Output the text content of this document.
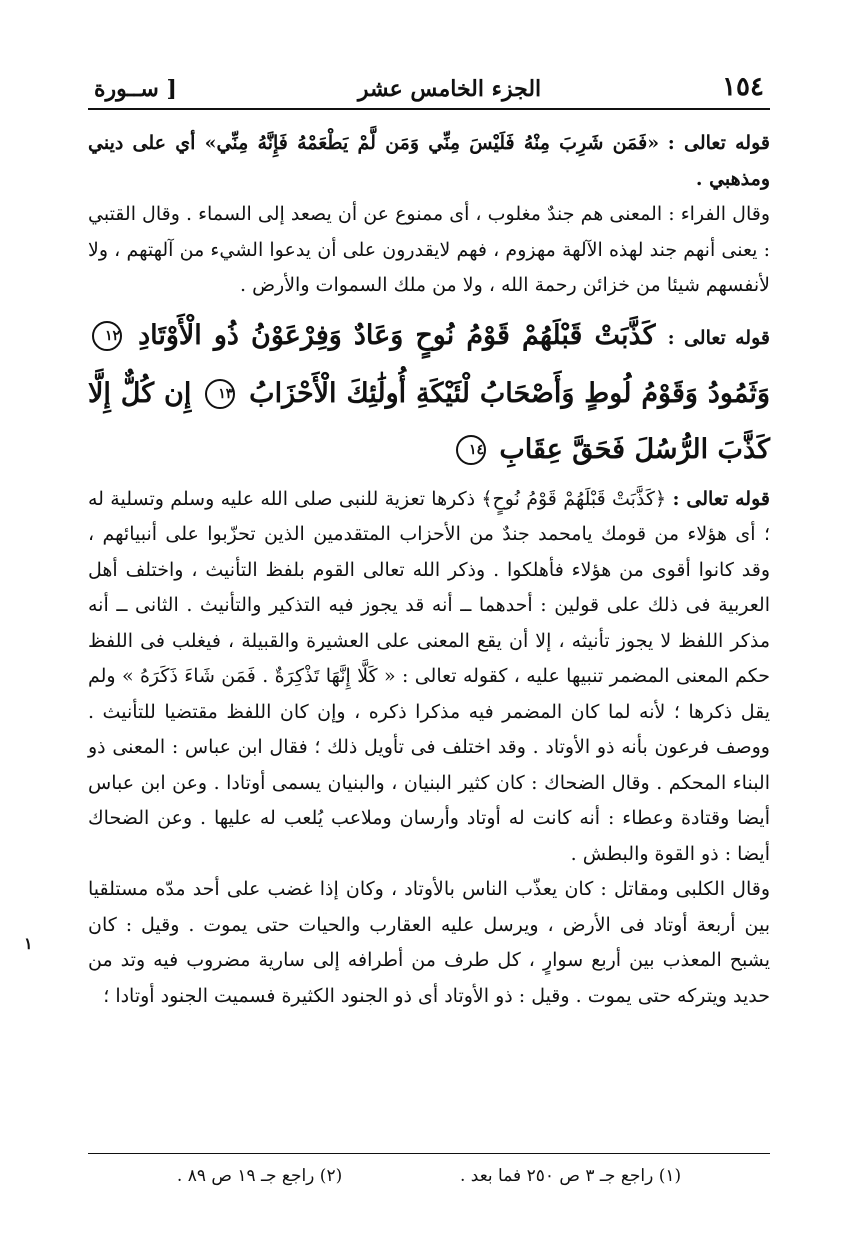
١٥٤
الجزء الخامس عشر
[ ســورة

قوله تعالى : «فَمَن شَرِبَ مِنْهُ فَلَيْسَ مِنِّي وَمَن لَّمْ يَطْعَمْهُ فَإِنَّهُ مِنِّي» أي على ديني ومذهبي .

وقال الفراء : المعنى هم جندٌ مغلوب ، أى ممنوع عن أن يصعد إلى السماء . وقال القتبي : يعنى أنهم جند لهذه الآلهة مهزوم ، فهم لايقدرون على أن يدعوا الشيء من آلهتهم ، ولا لأنفسهم شيئا من خزائن رحمة الله ، ولا من ملك السموات والأرض .

قوله تعالى : كَذَّبَتْ قَبْلَهُمْ قَوْمُ نُوحٍ وَعَادٌ وَفِرْعَوْنُ ذُو الْأَوْتَادِ ١٢ وَثَمُودُ وَقَوْمُ لُوطٍ وَأَصْحَابُ لْئَيْكَةِ أُولَٰئِكَ الْأَحْزَابُ ١٣ إِن كُلٌّ إِلَّا كَذَّبَ الرُّسُلَ فَحَقَّ عِقَابِ ١٤

قوله تعالى : ﴿كَذَّبَتْ قَبْلَهُمْ قَوْمُ نُوحٍ﴾ ذكرها تعزية للنبى صلى الله عليه وسلم وتسلية له ؛ أى هؤلاء من قومك يامحمد جندٌ من الأحزاب المتقدمين الذين تحزّبوا على أنبيائهم ، وقد كانوا أقوى من هؤلاء فأهلكوا . وذكر الله تعالى القوم بلفظ التأنيث ، واختلف أهل العربية فى ذلك على قولين : أحدهما ــ أنه قد يجوز فيه التذكير والتأنيث . الثانى ــ أنه مذكر اللفظ لا يجوز تأنيثه ، إلا أن يقع المعنى على العشيرة والقبيلة ، فيغلب فى اللفظ حكم المعنى المضمر تنبيها عليه ، كقوله تعالى : « كَلَّا إِنَّهَا تَذْكِرَةٌ . فَمَن شَاءَ ذَكَرَهُ » ولم يقل ذكرها ؛ لأنه لما كان المضمر فيه مذكرا ذكره ، وإن كان اللفظ مقتضيا للتأنيث . ووصف فرعون بأنه ذو الأوتاد . وقد اختلف فى تأويل ذلك ؛ فقال ابن عباس : المعنى ذو البناء المحكم . وقال الضحاك : كان كثير البنيان ، والبنيان يسمى أوتادا . وعن ابن عباس أيضا وقتادة وعطاء : أنه كانت له أوتاد وأرسان وملاعب يُلعب له عليها . وعن الضحاك أيضا : ذو القوة والبطش .

وقال الكلبى ومقاتل : كان يعذّب الناس بالأوتاد ، وكان إذا غضب على أحد مدّه مستلقيا بين أربعة أوتاد فى الأرض ، ويرسل عليه العقارب والحيات حتى يموت . وقيل : كان يشبح المعذب بين أربع سوارٍ ، كل طرف من أطرافه إلى سارية مضروب فيه وتد من حديد ويتركه حتى يموت . وقيل : ذو الأوتاد أى ذو الجنود الكثيرة فسميت الجنود أوتادا ؛

١
(١) راجع جـ ٣ ص ٢٥٠ فما بعد .
(٢) راجع جـ ١٩ ص ٨٩ .
